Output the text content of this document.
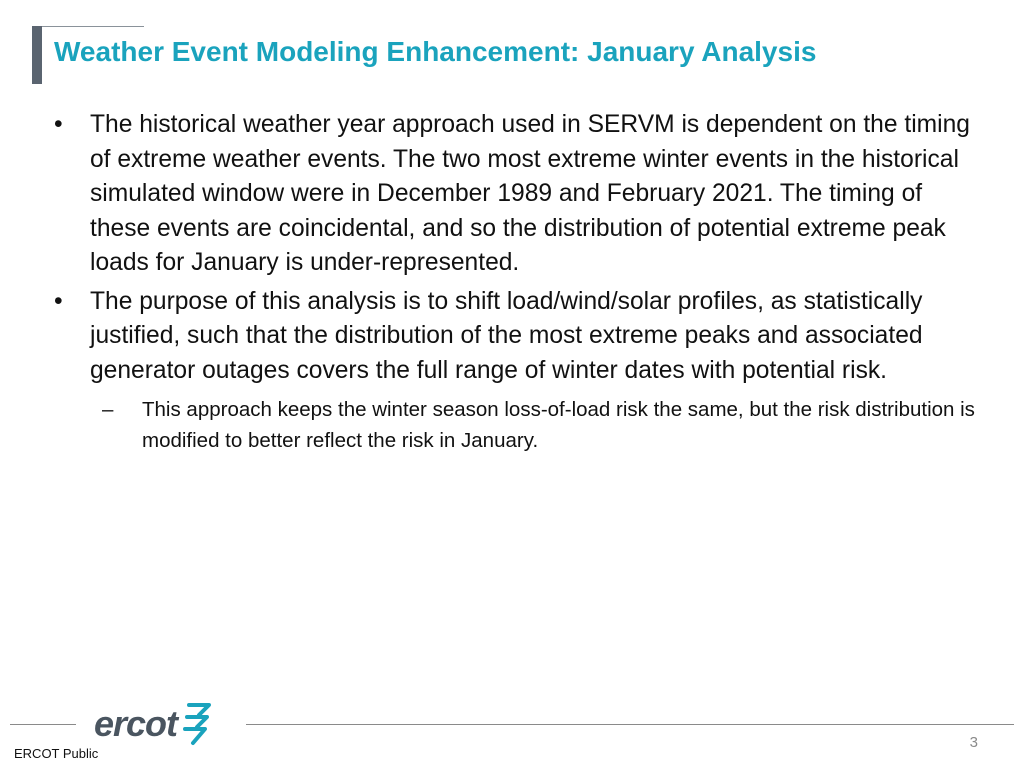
Weather Event Modeling Enhancement: January Analysis
• The historical weather year approach used in SERVM is dependent on the timing of extreme weather events. The two most extreme winter events in the historical simulated window were in December 1989 and February 2021. The timing of these events are coincidental, and so the distribution of potential extreme peak loads for January is under-represented.
• The purpose of this analysis is to shift load/wind/solar profiles, as statistically justified, such that the distribution of the most extreme peaks and associated generator outages covers the full range of winter dates with potential risk.
– This approach keeps the winter season loss-of-load risk the same, but the risk distribution is modified to better reflect the risk in January.
ercot
ERCOT Public
3
